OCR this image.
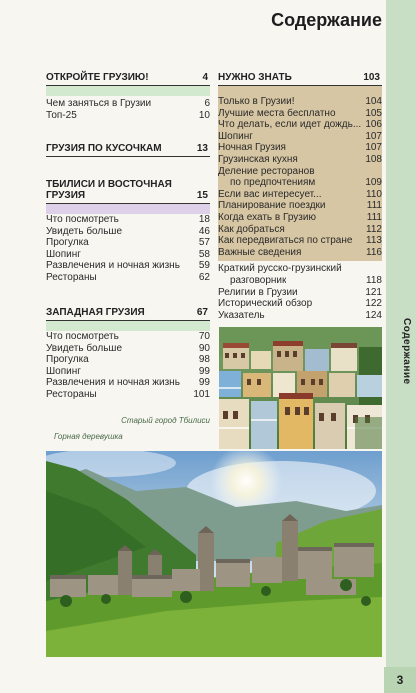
Содержание
3
Содержание
ОТКРОЙТЕ ГРУЗИЮ!	4
Чем заняться в Грузии	6
Топ-25	10
ГРУЗИЯ ПО КУСОЧКАМ	13
ТБИЛИСИ И ВОСТОЧНАЯ
ГРУЗИЯ	15
Что посмотреть	18
Увидеть больше	46
Прогулка	57
Шопинг	58
Развлечения и ночная жизнь	59
Рестораны	62
ЗАПАДНАЯ ГРУЗИЯ	67
Что посмотреть	70
Увидеть больше	90
Прогулка	98
Шопинг	99
Развлечения и ночная жизнь	99
Рестораны	101
НУЖНО ЗНАТЬ	103
Только в Грузии!	104
Лучшие места бесплатно	105
Что делать, если идет дождь... 106
Шопинг	107
Ночная Грузия	107
Грузинская кухня	108
Деление ресторанов
по предпочтениям	109
Если вас интересует...	110
Планирование поездки	111
Когда ехать в Грузию	111
Как добраться	112
Как передвигаться по стране 113
Важные сведения	116
Краткий русско-грузинский
разговорник	118
Религии в Грузии	121
Исторический обзор	122
Указатель	124
Старый город Тбилиси
Горная деревушка
